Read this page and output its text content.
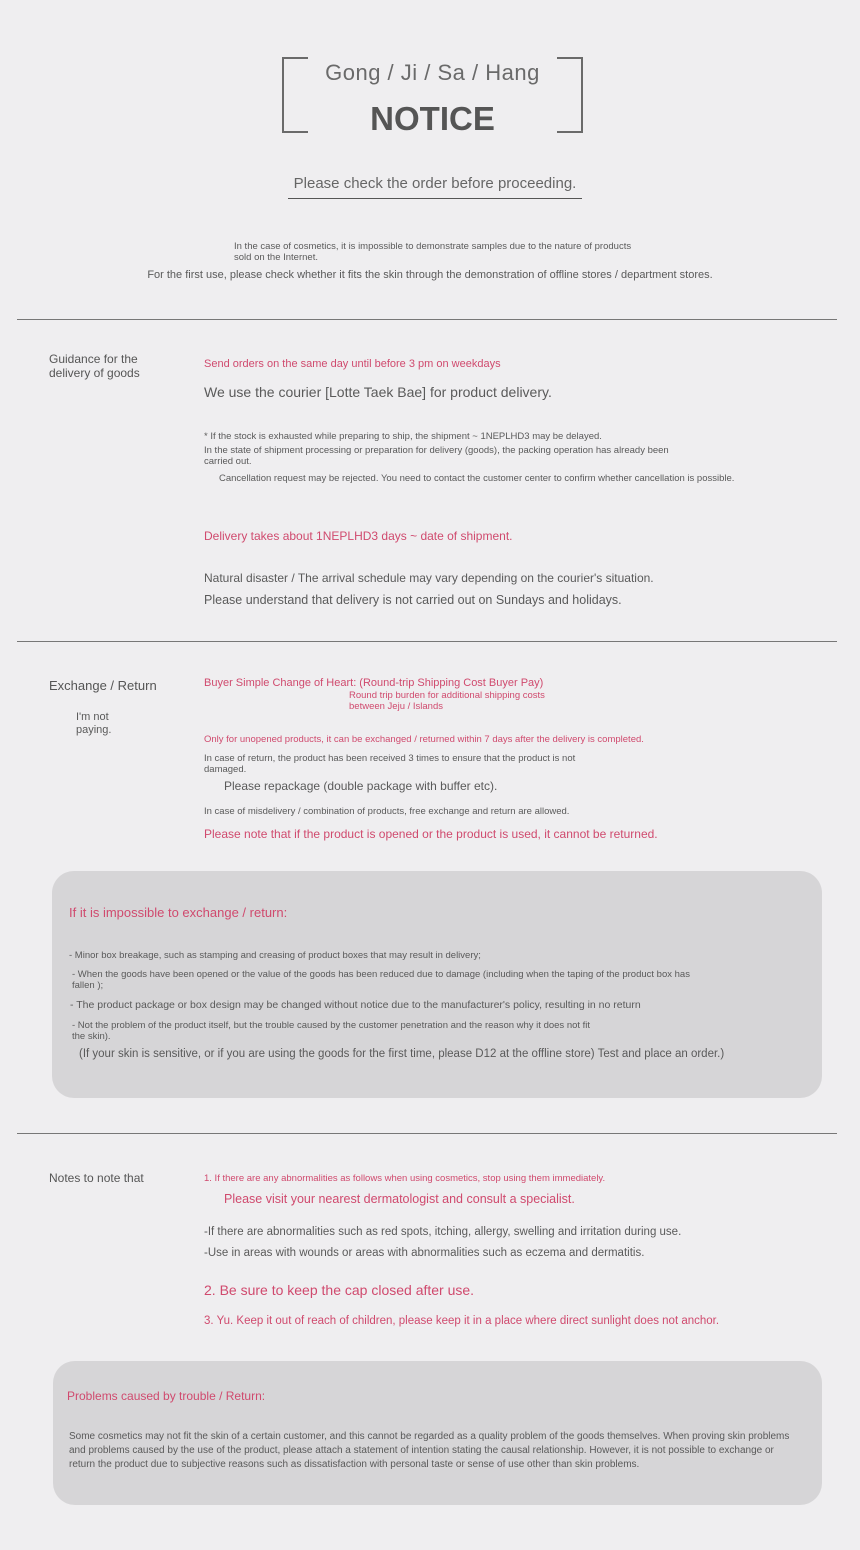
Gong / Ji / Sa / Hang
NOTICE
Please check the order before proceeding.
In the case of cosmetics, it is impossible to demonstrate samples due to the nature of products sold on the Internet.
For the first use, please check whether it fits the skin through the demonstration of offline stores / department stores.
Guidance for the delivery of goods
Send orders on the same day until before 3 pm on weekdays
We use the courier [Lotte Taek Bae] for product delivery.
* If the stock is exhausted while preparing to ship, the shipment ~ 1NEPLHD3 may be delayed.
In the state of shipment processing or preparation for delivery (goods), the packing operation has already been carried out.
Cancellation request may be rejected. You need to contact the customer center to confirm whether cancellation is possible.
Delivery takes about 1NEPLHD3 days ~ date of shipment.
Natural disaster / The arrival schedule may vary depending on the courier's situation.
Please understand that delivery is not carried out on Sundays and holidays.
Exchange / Return
I'm not paying.
Buyer Simple Change of Heart: (Round-trip Shipping Cost Buyer Pay)
Round trip burden for additional shipping costs between Jeju / Islands
Only for unopened products, it can be exchanged / returned within 7 days after the delivery is completed.
In case of return, the product has been received 3 times to ensure that the product is not damaged.
Please repackage (double package with buffer etc).
In case of misdelivery / combination of products, free exchange and return are allowed.
Please note that if the product is opened or the product is used, it cannot be returned.
If it is impossible to exchange / return:
- Minor box breakage, such as stamping and creasing of product boxes that may result in delivery;
- When the goods have been opened or the value of the goods has been reduced due to damage (including when the taping of the product box has fallen );
- The product package or box design may be changed without notice due to the manufacturer's policy, resulting in no return
- Not the problem of the product itself, but the trouble caused by the customer penetration and the reason why it does not fit the skin).
(If your skin is sensitive, or if you are using the goods for the first time, please D12 at the offline store) Test and place an order.)
Notes to note that	1. If there are any abnormalities as follows when using cosmetics, stop using them immediately.
Please visit your nearest dermatologist and consult a specialist.
-If there are abnormalities such as red spots, itching, allergy, swelling and irritation during use.
-Use in areas with wounds or areas with abnormalities such as eczema and dermatitis.
2. Be sure to keep the cap closed after use.
3. Yu. Keep it out of reach of children, please keep it in a place where direct sunlight does not anchor.
Problems caused by trouble / Return:
Some cosmetics may not fit the skin of a certain customer, and this cannot be regarded as a quality problem of the goods themselves. When proving skin problems and problems caused by the use of the product, please attach a statement of intention stating the causal relationship. However, it is not possible to exchange or return the product due to subjective reasons such as dissatisfaction with personal taste or sense of use other than skin problems.
